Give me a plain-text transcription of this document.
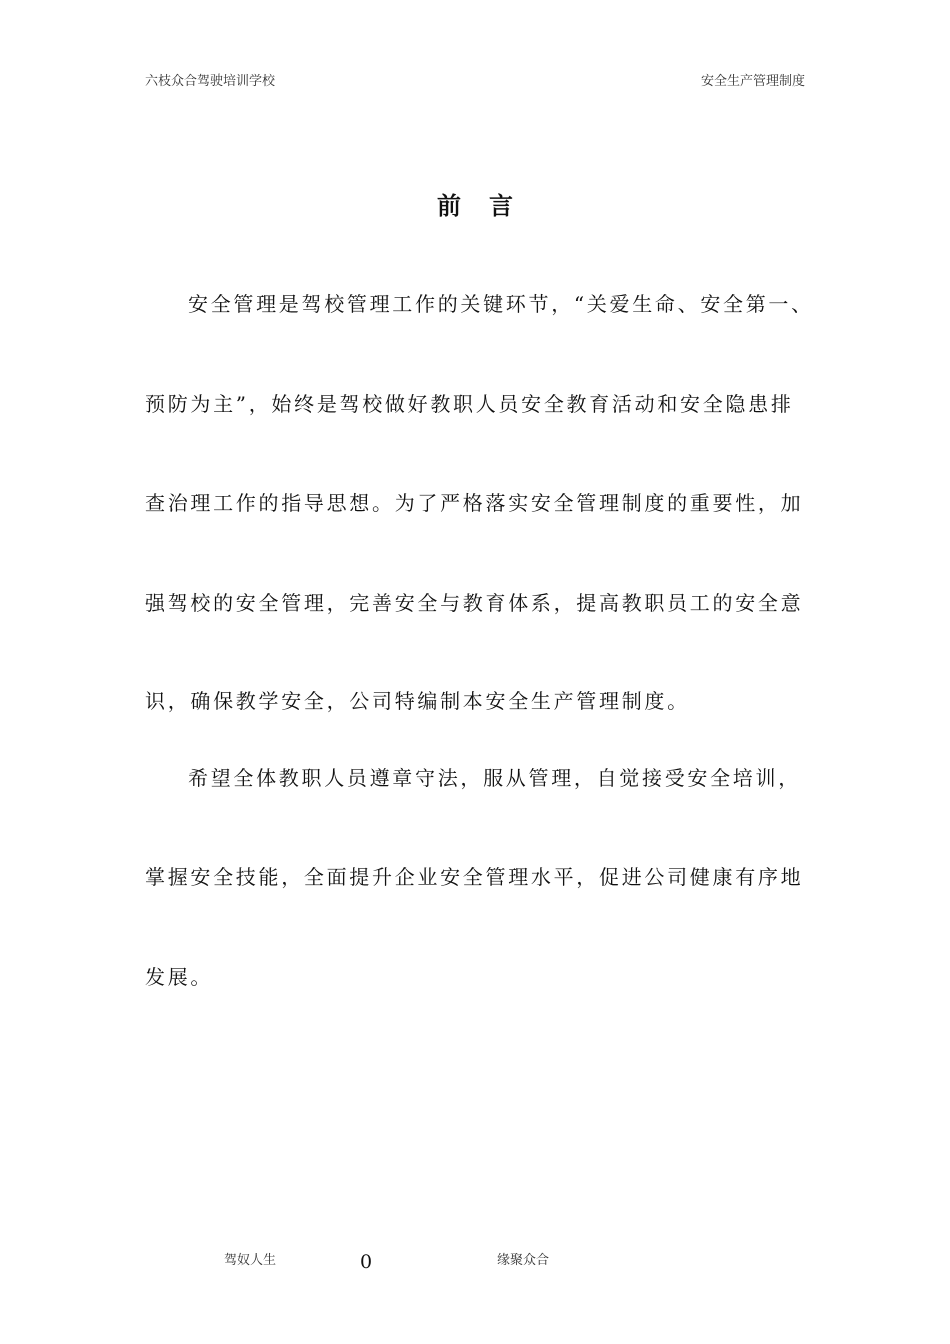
六枝众合驾驶培训学校	安全生产管理制度
前言
安全管理是驾校管理工作的关键环节，“关爱生命、安全第一、
预防为主”，始终是驾校做好教职人员安全教育活动和安全隐患排
查治理工作的指导思想。为了严格落实安全管理制度的重要性，加
强驾校的安全管理，完善安全与教育体系，提高教职员工的安全意
识，确保教学安全，公司特编制本安全生产管理制度。
希望全体教职人员遵章守法，服从管理，自觉接受安全培训，
掌握安全技能，全面提升企业安全管理水平，促进公司健康有序地
发展。
驾奴人生	0	缘聚众合
